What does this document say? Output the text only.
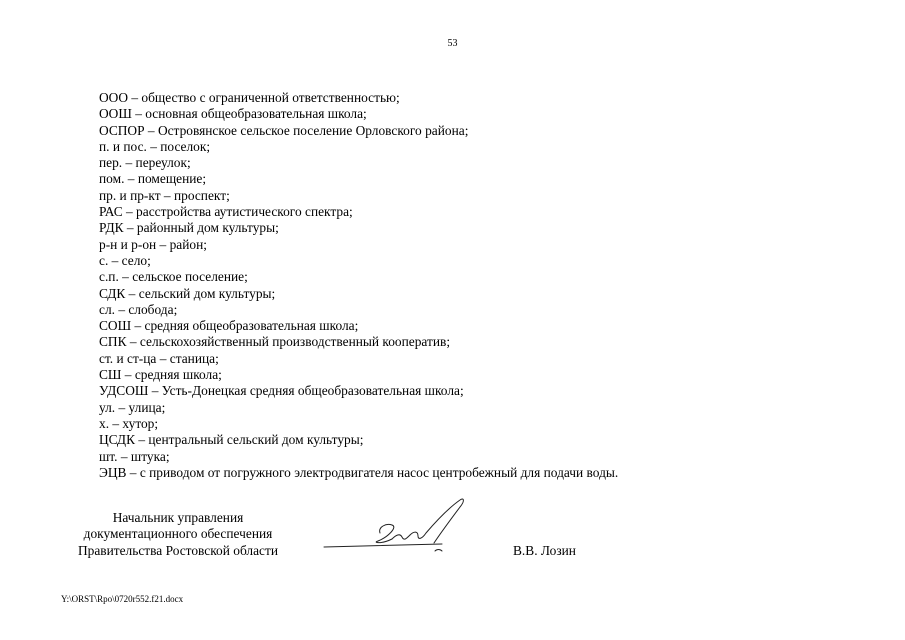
53
ООО – общество с ограниченной ответственностью;
ООШ – основная общеобразовательная школа;
ОСПОР – Островянское сельское поселение Орловского района;
п. и пос. – поселок;
пер. – переулок;
пом. – помещение;
пр. и пр-кт – проспект;
РАС – расстройства аутистического спектра;
РДК – районный дом культуры;
р-н и р-он – район;
с. – село;
с.п. – сельское поселение;
СДК – сельский дом культуры;
сл. – слобода;
СОШ – средняя общеобразовательная школа;
СПК – сельскохозяйственный производственный кооператив;
ст. и ст-ца – станица;
СШ – средняя школа;
УДСОШ – Усть-Донецкая средняя общеобразовательная школа;
ул. – улица;
х. – хутор;
ЦСДК – центральный сельский дом культуры;
шт. – штука;
ЭЦВ – с приводом от погружного электродвигателя насос центробежный для подачи воды.
Начальник управления
документационного обеспечения
Правительства Ростовской области	В.В. Лозин
Y:\ORST\Rpo\0720r552.f21.docx
